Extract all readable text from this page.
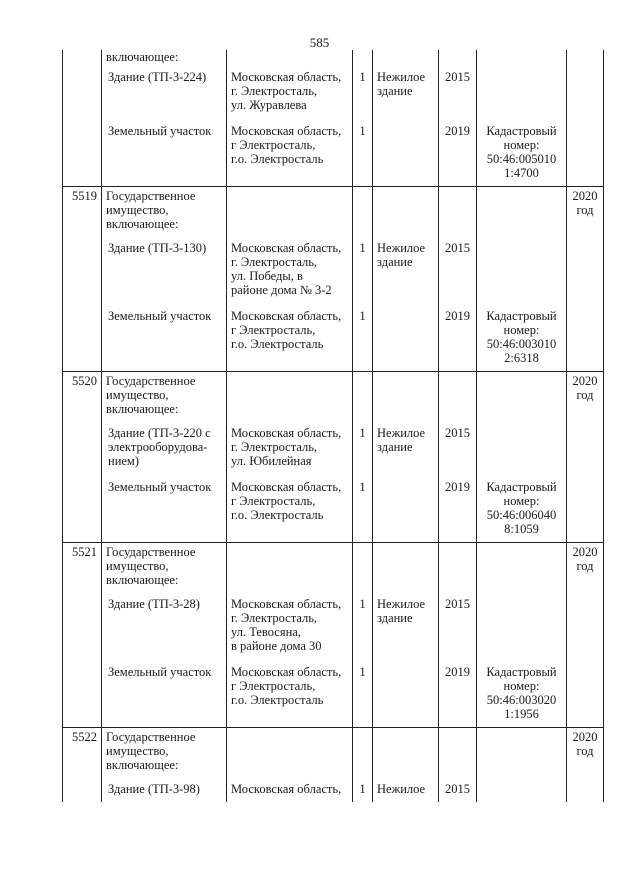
585
	включающее:						
	Здание (ТП-3-224)	Московская область,
г. Электросталь,
ул. Журавлева	1	Нежилое
здание	2015		
	Земельный участок	Московская область,
г Электросталь,
г.о. Электросталь	1		2019	Кадастровый
номер:
50:46:005010
1:4700	
5519	Государственное
имущество,
включающее:						2020
год
	Здание (ТП-3-130)	Московская область,
г. Электросталь,
ул. Победы, в
районе дома № 3-2	1	Нежилое
здание	2015		
	Земельный участок	Московская область,
г Электросталь,
г.о. Электросталь	1		2019	Кадастровый
номер:
50:46:003010
2:6318	
5520	Государственное
имущество,
включающее:						2020
год
	Здание (ТП-3-220 с
электрооборудова-
нием)	Московская область,
г. Электросталь,
ул. Юбилейная	1	Нежилое
здание	2015		
	Земельный участок	Московская область,
г Электросталь,
г.о. Электросталь	1		2019	Кадастровый
номер:
50:46:006040
8:1059	
5521	Государственное
имущество,
включающее:						2020
год
	Здание (ТП-3-28)	Московская область,
г. Электросталь,
ул. Тевосяна,
в районе дома 30	1	Нежилое
здание	2015		
	Земельный участок	Московская область,
г Электросталь,
г.о. Электросталь	1		2019	Кадастровый
номер:
50:46:003020
1:1956	
5522	Государственное
имущество,
включающее:						2020
год
	Здание (ТП-3-98)	Московская область,	1	Нежилое	2015		
